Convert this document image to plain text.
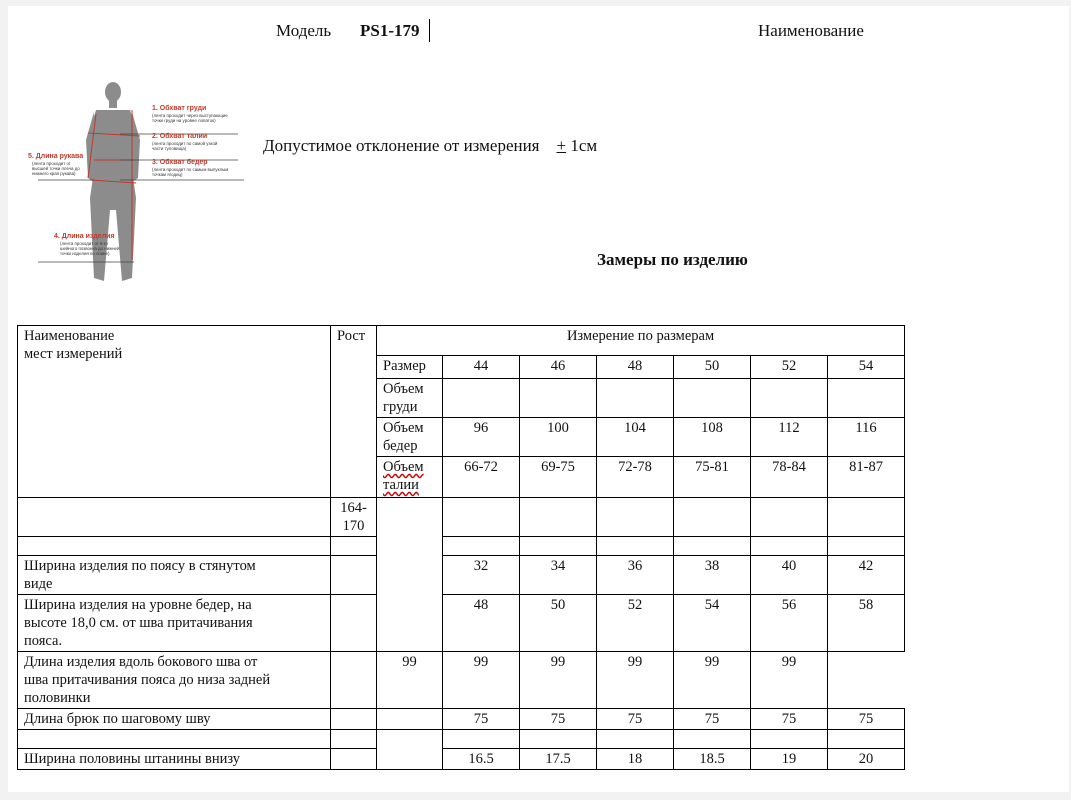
Модель PS1-179	Наименование
1. Обхват груди
2. Обхват талии
3. Обхват бедер
4. Длина изделия
5. Длина рукава
(лента проходит через выступающие
точки груди на уровне лопаток)
(лента проходит по самой узкой
части туловища)
(лента проходит по самым выпуклым
точкам ягодиц)
(лента проходит от 6-го
шейного позвонка до нижней
точки изделия по спине)
(лента проходит от
высшей точки плеча до
нижнего края рукава)
Допустимое отклонение от измерения + 1см
Замеры по изделию
Наименование
мест измерений	Рост	Измерение по размерам						
		Размер	44	46	48	50	52	54
		Объем
груди						
		Объем
бедер	96	100	104	108	112	116
		Объем
талии	66-72	69-75	72-78	75-81	78-84	81-87
	164-
170							

Ширина изделия по поясу в стянутом
виде			32	34	36	38	40	42
Ширина изделия на уровне бедер, на
высоте 18,0 см. от шва притачивания
пояса.			48	50	52	54	56	58
Длина изделия вдоль бокового шва от
шва притачивания пояса до низа задней
половинки		99	99	99	99	99	99	
Длина брюк по шаговому шву			75	75	75	75	75	75

Ширина половины штанины внизу			16.5	17.5	18	18.5	19	20
